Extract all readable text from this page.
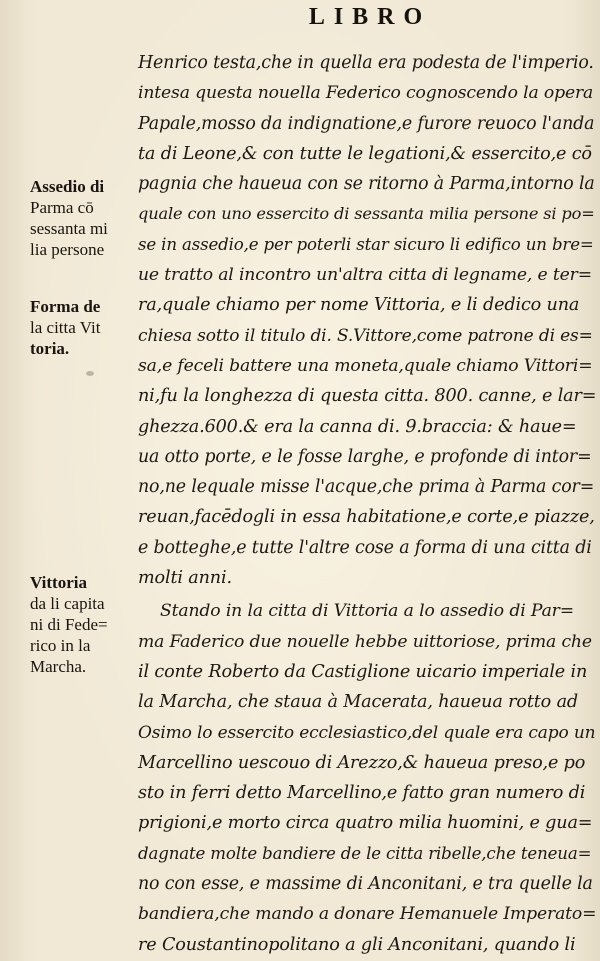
LIBRO
Henrico testa,che in quella era podesta de l'imperio.
intesa questa nouella Federico cognoscendo la opera
Papale,mosso da indignatione,e furore reuoco l'anda
ta di Leone,& con tutte le legationi,& essercito,e cō
pagnia che haueua con se ritorno à Parma,intorno la
quale con uno essercito di sessanta milia persone si po=
se in assedio,e per poterli star sicuro li edifico un bre=
ue tratto al incontro un'altra citta di legname, e ter=
ra,quale chiamo per nome Vittoria, e li dedico una
chiesa sotto il titulo di. S.Vittore,come patrone di es=
sa,e feceli battere una moneta,quale chiamo Vittori=
ni,fu la longhezza di questa citta. 800. canne, e lar=
ghezza.600.& era la canna di. 9.braccia: & haue=
ua otto porte, e le fosse larghe, e profonde di intor=
no,ne lequale misse l'acque,che prima à Parma cor=
reuan,facēdogli in essa habitatione,e corte,e piazze,
e botteghe,e tutte l'altre cose a forma di una citta di
molti anni.
Stando in la citta di Vittoria a lo assedio di Par=
ma Faderico due nouelle hebbe uittoriose, prima che
il conte Roberto da Castiglione uicario imperiale in
la Marcha, che staua à Macerata, haueua rotto ad
Osimo lo essercito ecclesiastico,del quale era capo un
Marcellino uescouo di Arezzo,& haueua preso,e po
sto in ferri detto Marcellino,e fatto gran numero di
prigioni,e morto circa quatro milia huomini, e gua=
dagnate molte bandiere de le citta ribelle,che teneua=
no con esse, e massime di Anconitani, e tra quelle la
bandiera,che mando a donare Hemanuele Imperato=
re Coustantinopolitano a gli Anconitani, quando li
Assedio di
Parma cō
sessanta mi
lia persone
Forma de
la citta Vit
toria.
Vittoria
da li capita
ni di Fede=
rico in la
Marcha.
